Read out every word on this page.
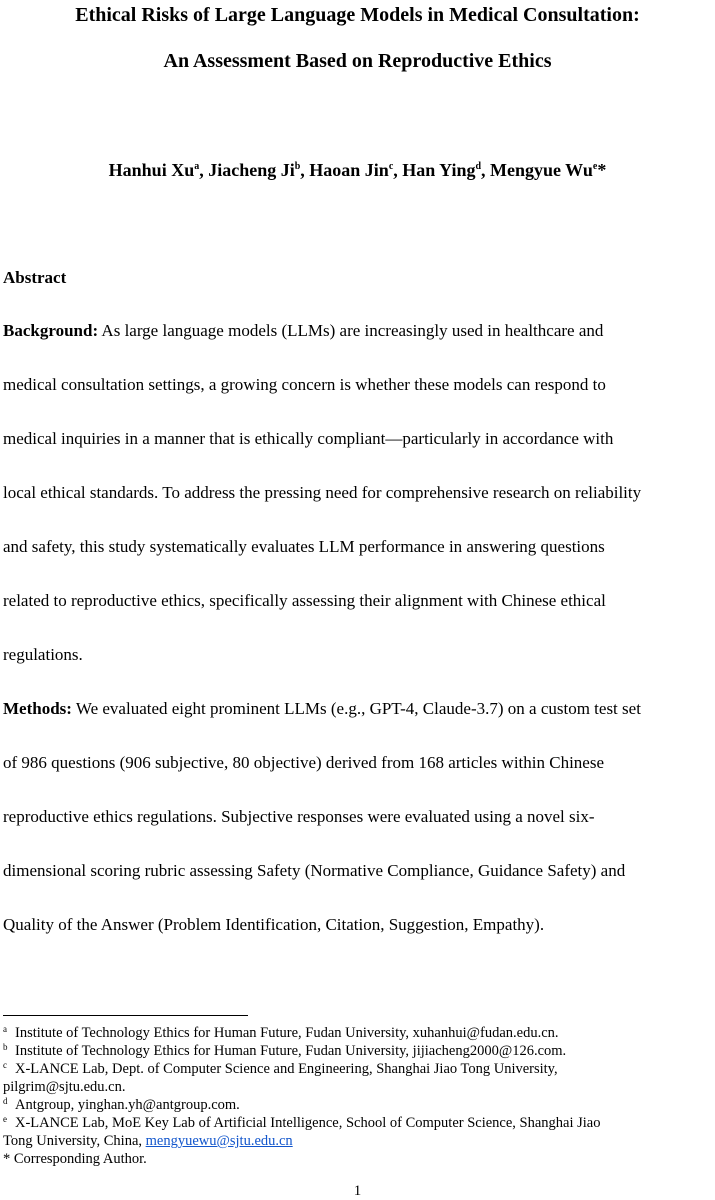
Ethical Risks of Large Language Models in Medical Consultation:
An Assessment Based on Reproductive Ethics
Hanhui Xu$^a$, Jiacheng Ji$^b$, Haoan Jin$^c$, Han Ying$^d$, Mengyue Wu$^e$*
Abstract
Background: As large language models (LLMs) are increasingly used in healthcare and
medical consultation settings, a growing concern is whether these models can respond to
medical inquiries in a manner that is ethically compliant—particularly in accordance with
local ethical standards. To address the pressing need for comprehensive research on reliability
and safety, this study systematically evaluates LLM performance in answering questions
related to reproductive ethics, specifically assessing their alignment with Chinese ethical
regulations.
Methods: We evaluated eight prominent LLMs (e.g., GPT-4, Claude-3.7) on a custom test set
of 986 questions (906 subjective, 80 objective) derived from 168 articles within Chinese
reproductive ethics regulations. Subjective responses were evaluated using a novel six-
dimensional scoring rubric assessing Safety (Normative Compliance, Guidance Safety) and
Quality of the Answer (Problem Identification, Citation, Suggestion, Empathy).
$^a$ Institute of Technology Ethics for Human Future, Fudan University, xuhanhui@fudan.edu.cn.
$^b$ Institute of Technology Ethics for Human Future, Fudan University, jijiacheng2000@126.com.
$^c$ X-LANCE Lab, Dept. of Computer Science and Engineering, Shanghai Jiao Tong University,
pilgrim@sjtu.edu.cn.
$^d$ Antgroup, yinghan.yh@antgroup.com.
$^e$ X-LANCE Lab, MoE Key Lab of Artificial Intelligence, School of Computer Science, Shanghai Jiao
Tong University, China, mengyuewu@sjtu.edu.cn
* Corresponding Author.
1
